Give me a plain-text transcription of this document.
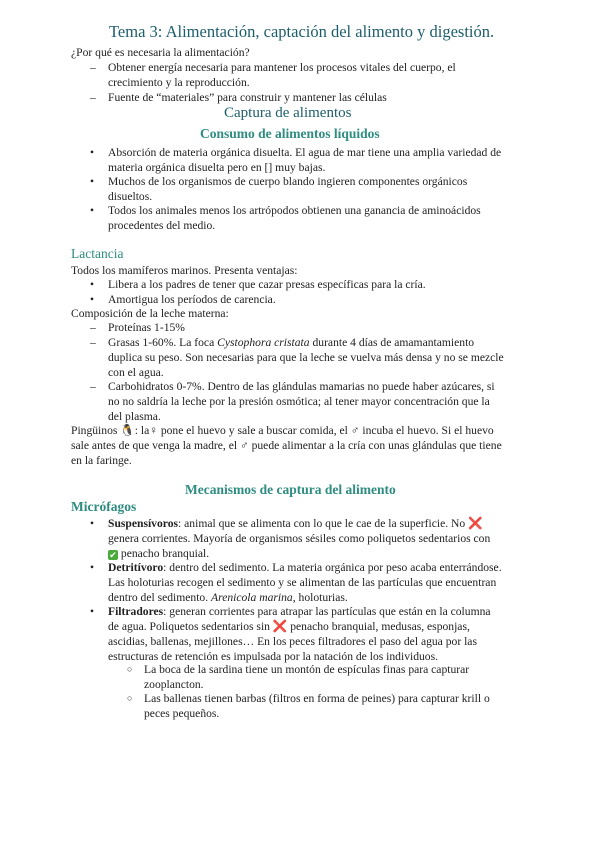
Tema 3: Alimentación, captación del alimento y digestión.
¿Por qué es necesaria la alimentación?
– Obtener energía necesaria para mantener los procesos vitales del cuerpo, el
crecimiento y la reproducción.
– Fuente de “materiales” para construir y mantener las células
Captura de alimentos
Consumo de alimentos líquidos
• Absorción de materia orgánica disuelta. El agua de mar tiene una amplia variedad de
materia orgánica disuelta pero en [] muy bajas.
• Muchos de los organismos de cuerpo blando ingieren componentes orgánicos
disueltos.
• Todos los animales menos los artrópodos obtienen una ganancia de aminoácidos
procedentes del medio.
Lactancia
Todos los mamíferos marinos. Presenta ventajas:
• Libera a los padres de tener que cazar presas específicas para la cría.
• Amortigua los períodos de carencia.
Composición de la leche materna:
– Proteínas 1-15%
– Grasas 1-60%. La foca Cystophora cristata durante 4 días de amamantamiento
duplica su peso. Son necesarias para que la leche se vuelva más densa y no se mezcle
con el agua.
– Carbohidratos 0-7%. Dentro de las glándulas mamarias no puede haber azúcares, si
no no saldría la leche por la presión osmótica; al tener mayor concentración que la
del plasma.
Pingüinos 🐧: la♀ pone el huevo y sale a buscar comida, el ♂ incuba el huevo. Si el huevo
sale antes de que venga la madre, el ♂ puede alimentar a la cría con unas glándulas que tiene
en la faringe.
Mecanismos de captura del alimento
Micrófagos
• Suspensívoros: animal que se alimenta con lo que le cae de la superficie. No ❌
genera corrientes. Mayoría de organismos sésiles como poliquetos sedentarios con
✔ penacho branquial.
• Detritívoro: dentro del sedimento. La materia orgánica por peso acaba enterrándose.
Las holoturias recogen el sedimento y se alimentan de las partículas que encuentran
dentro del sedimento. Arenicola marina, holoturias.
• Filtradores: generan corrientes para atrapar las partículas que están en la columna
de agua. Poliquetos sedentarios sin ❌ penacho branquial, medusas, esponjas,
ascidias, ballenas, mejillones… En los peces filtradores el paso del agua por las
estructuras de retención es impulsada por la natación de los individuos.
○ La boca de la sardina tiene un montón de espículas finas para capturar
zooplancton.
○ Las ballenas tienen barbas (filtros en forma de peines) para capturar krill o
peces pequeños.
